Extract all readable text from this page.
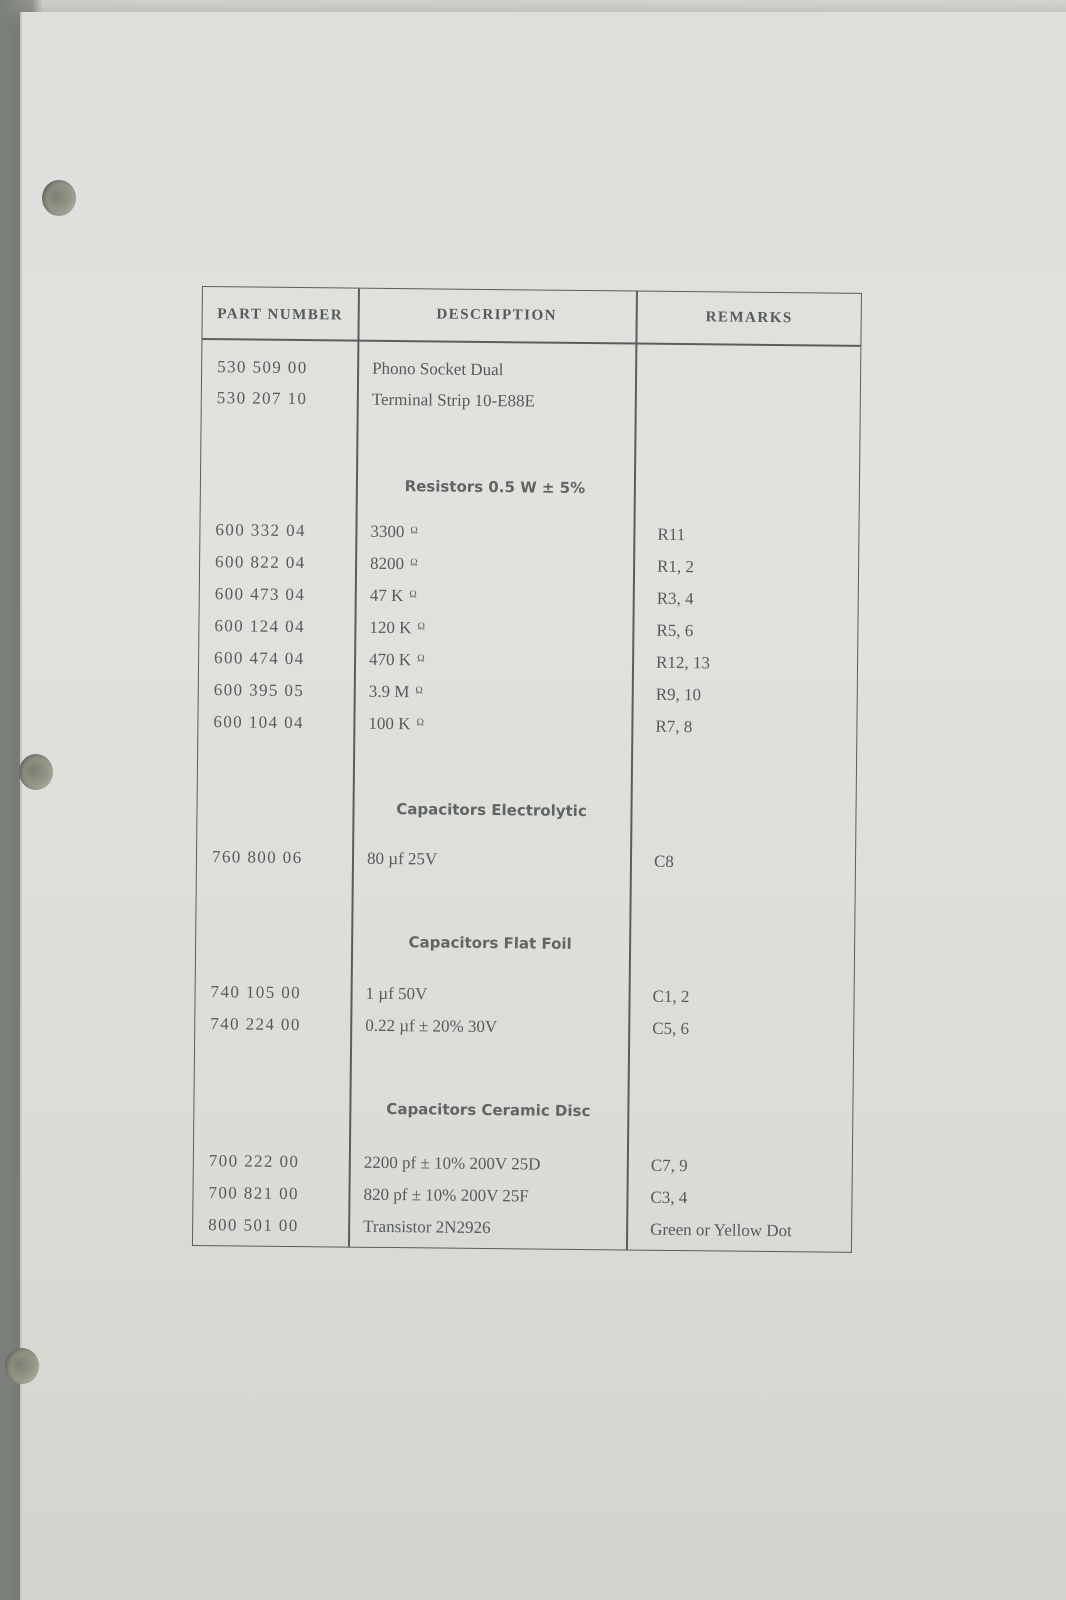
PART NUMBER	DESCRIPTION	REMARKS
530 509 00	Phono Socket Dual
530 207 10	Terminal Strip 10-E88E
Resistors 0.5 W ± 5%
600 332 04	3300 $^\Omega$	R11
600 822 04	8200 $^\Omega$	R1, 2
600 473 04	47 K $^\Omega$	R3, 4
600 124 04	120 K $^\Omega$	R5, 6
600 474 04	470 K $^\Omega$	R12, 13
600 395 05	3.9 M $^\Omega$	R9, 10
600 104 04	100 K $^\Omega$	R7, 8
Capacitors Electrolytic
760 800 06	80 µf 25V	C8
Capacitors Flat Foil
740 105 00	1 µf 50V	C1, 2
740 224 00	0.22 µf ± 20% 30V	C5, 6
Capacitors Ceramic Disc
700 222 00	2200 pf ± 10% 200V 25D	C7, 9
700 821 00	820 pf ± 10% 200V 25F	C3, 4
800 501 00	Transistor 2N2926	Green or Yellow Dot
